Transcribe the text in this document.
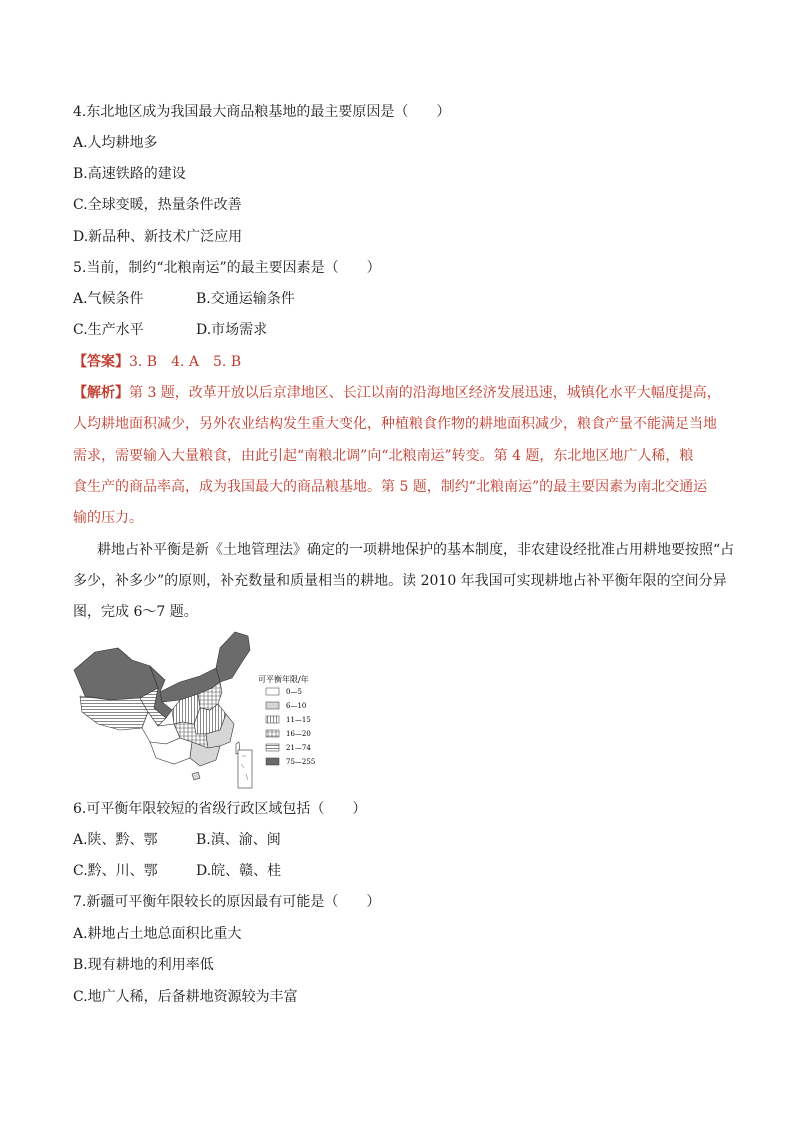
4.东北地区成为我国最大商品粮基地的最主要原因是（　　）
A.人均耕地多
B.高速铁路的建设
C.全球变暖，热量条件改善
D.新品种、新技术广泛应用
5.当前，制约“北粮南运”的最主要因素是（　　）
A.气候条件	B.交通运输条件
C.生产水平	D.市场需求
【答案】3. B　4. A　5. B
【解析】第 3 题，改革开放以后京津地区、长江以南的沿海地区经济发展迅速，城镇化水平大幅度提高，
人均耕地面积减少，另外农业结构发生重大变化，种植粮食作物的耕地面积减少，粮食产量不能满足当地
需求，需要输入大量粮食，由此引起“南粮北调”向“北粮南运”转变。第 4 题，东北地区地广人稀，粮
食生产的商品率高，成为我国最大的商品粮基地。第 5 题，制约“北粮南运”的最主要因素为南北交通运
输的压力。
耕地占补平衡是新《土地管理法》确定的一项耕地保护的基本制度，非农建设经批准占用耕地要按照“占
多少，补多少”的原则，补充数量和质量相当的耕地。读 2010 年我国可实现耕地占补平衡年限的空间分异
图，完成 6～7 题。
可平衡年限/年
0—5
6—10
11—15
16—20
21—74
75—255
6.可平衡年限较短的省级行政区域包括（　　）
A.陕、黔、鄂	B.滇、渝、闽
C.黔、川、鄂	D.皖、赣、桂
7.新疆可平衡年限较长的原因最有可能是（　　）
A.耕地占土地总面积比重大
B.现有耕地的利用率低
C.地广人稀，后备耕地资源较为丰富
